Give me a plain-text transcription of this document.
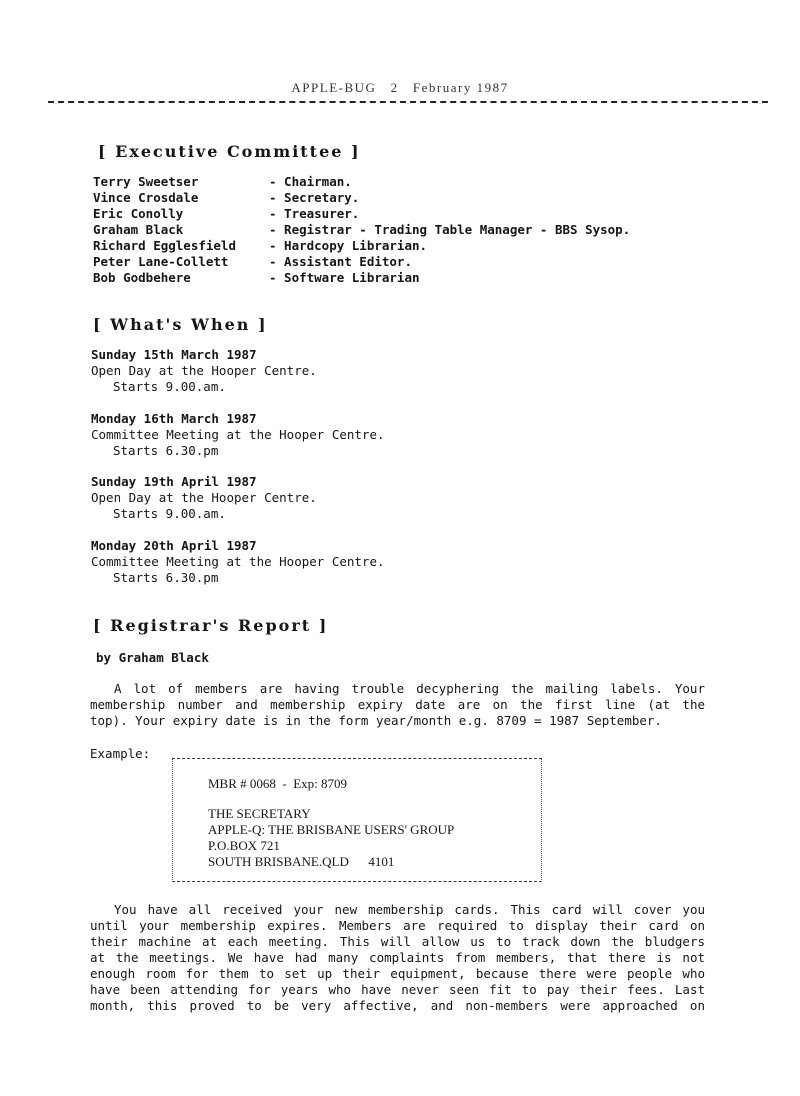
APPLE-BUG   2   February 1987
[ Executive Committee ]
Terry Sweetser	- Chairman.
Vince Crosdale	- Secretary.
Eric Conolly	- Treasurer.
Graham Black	- Registrar - Trading Table Manager - BBS Sysop.
Richard Egglesfield	- Hardcopy Librarian.
Peter Lane-Collett	- Assistant Editor.
Bob Godbehere	- Software Librarian
[ What's When ]
Sunday 15th March 1987
Open Day at the Hooper Centre.
Starts 9.00.am.
Monday 16th March 1987
Committee Meeting at the Hooper Centre.
Starts 6.30.pm
Sunday 19th April 1987
Open Day at the Hooper Centre.
Starts 9.00.am.
Monday 20th April 1987
Committee Meeting at the Hooper Centre.
Starts 6.30.pm
[ Registrar's Report ]
by Graham Black
A lot of members are having trouble decyphering the mailing labels. Your
membership number and membership expiry date are on the first line (at the
top). Your expiry date is in the form year/month e.g. 8709 = 1987 September.
Example:
MBR # 0068  -  Exp: 8709
THE SECRETARY
APPLE-Q: THE BRISBANE USERS' GROUP
P.O.BOX 721
SOUTH BRISBANE.QLD      4101
You have all received your new membership cards. This card will cover you
until your membership expires. Members are required to display their card on
their machine at each meeting. This will allow us to track down the bludgers
at the meetings. We have had many complaints from members, that there is not
enough room for them to set up their equipment, because there were people who
have been attending for years who have never seen fit to pay their fees. Last
month, this proved to be very affective, and non-members were approached on
